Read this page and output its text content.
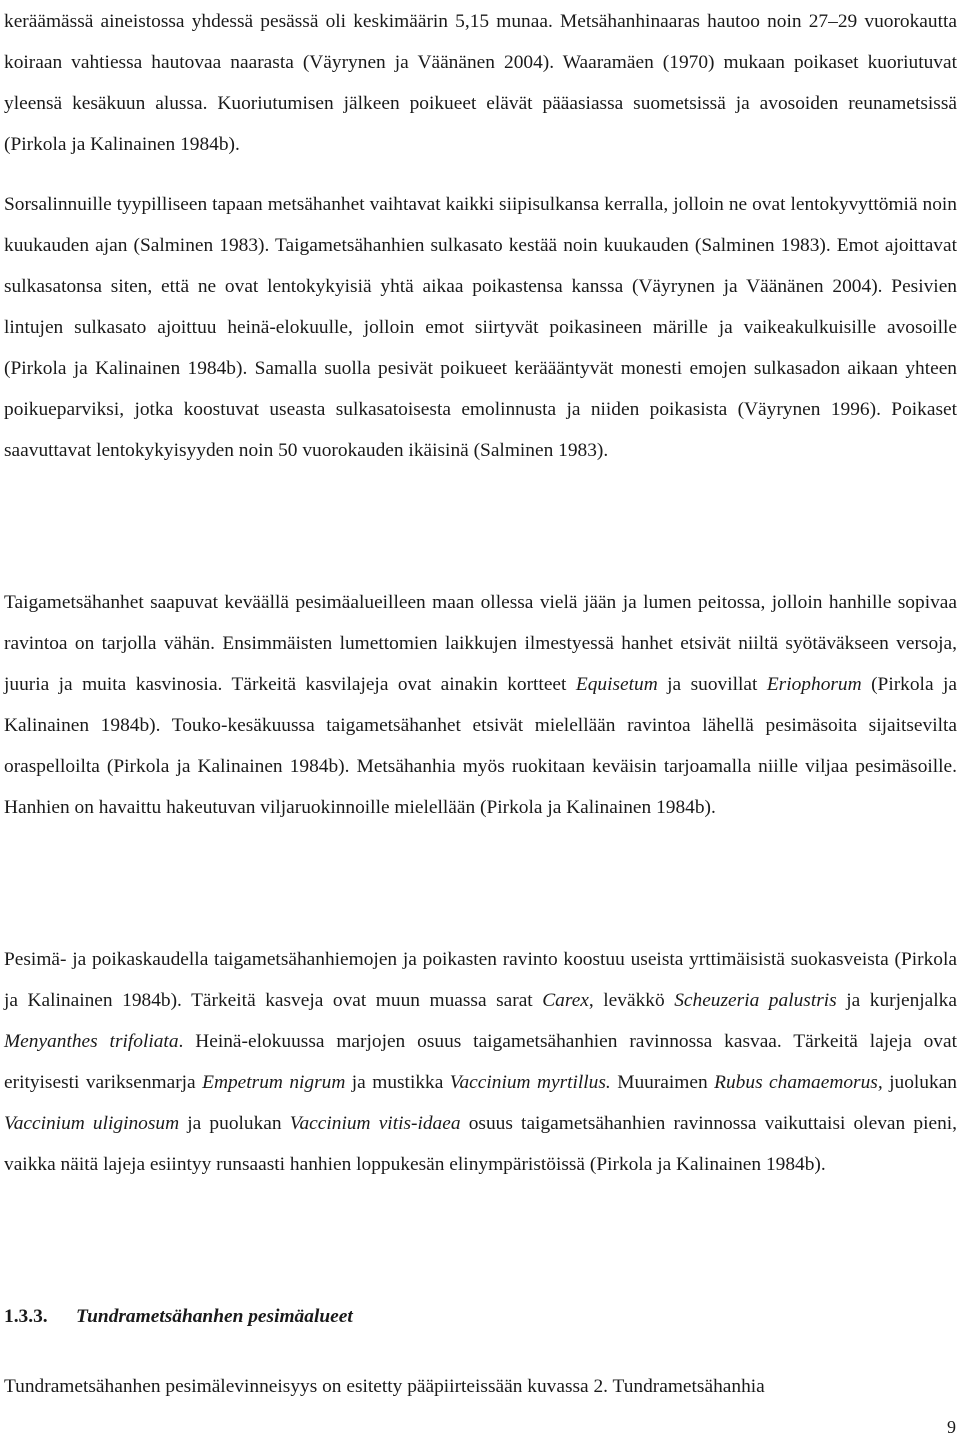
keräämässä aineistossa yhdessä pesässä oli keskimäärin 5,15 munaa. Metsähanhinaaras hautoo noin 27–29 vuorokautta koiraan vahtiessa hautovaa naarasta (Väyrynen ja Väänänen 2004). Waaramäen (1970) mukaan poikaset kuoriutuvat yleensä kesäkuun alussa. Kuoriutumisen jälkeen poikueet elävät pääasiassa suometsissä ja avosoiden reunametsissä (Pirkola ja Kalinainen 1984b).

Sorsalinnuille tyypilliseen tapaan metsähanhet vaihtavat kaikki siipisulkansa kerralla, jolloin ne ovat lentokyvyttömiä noin kuukauden ajan (Salminen 1983). Taigametsähanhien sulkasato kestää noin kuukauden (Salminen 1983). Emot ajoittavat sulkasatonsa siten, että ne ovat lentokykyisiä yhtä aikaa poikastensa kanssa (Väyrynen ja Väänänen 2004). Pesivien lintujen sulkasato ajoittuu heinä-elokuulle, jolloin emot siirtyvät poikasineen märille ja vaikeakulkuisille avosoille (Pirkola ja Kalinainen 1984b). Samalla suolla pesivät poikueet keräääntyvät monesti emojen sulkasadon aikaan yhteen poikueparviksi, jotka koostuvat useasta sulkasatoisesta emolinnusta ja niiden poikasista (Väyrynen 1996). Poikaset saavuttavat lentokykyisyyden noin 50 vuorokauden ikäisinä (Salminen 1983).

Taigametsähanhet saapuvat keväällä pesimäalueilleen maan ollessa vielä jään ja lumen peitossa, jolloin hanhille sopivaa ravintoa on tarjolla vähän. Ensimmäisten lumettomien laikkujen ilmestyessä hanhet etsivät niiltä syötäväkseen versoja, juuria ja muita kasvinosia. Tärkeitä kasvilajeja ovat ainakin kortteet Equisetum ja suovillat Eriophorum (Pirkola ja Kalinainen 1984b). Touko-kesäkuussa taigametsähanhet etsivät mielellään ravintoa lähellä pesimäsoita sijaitsevilta oraspelloilta (Pirkola ja Kalinainen 1984b). Metsähanhia myös ruokitaan keväisin tarjoamalla niille viljaa pesimäsoille. Hanhien on havaittu hakeutuvan viljaruokinnoille mielellään (Pirkola ja Kalinainen 1984b).

Pesimä- ja poikaskaudella taigametsähanhiemojen ja poikasten ravinto koostuu useista yrttimäisistä suokasveista (Pirkola ja Kalinainen 1984b). Tärkeitä kasveja ovat muun muassa sarat Carex, leväkkö Scheuzeria palustris ja kurjenjalka Menyanthes trifoliata. Heinä-elokuussa marjojen osuus taigametsähanhien ravinnossa kasvaa. Tärkeitä lajeja ovat erityisesti variksenmarja Empetrum nigrum ja mustikka Vaccinium myrtillus. Muuraimen Rubus chamaemorus, juolukan Vaccinium uliginosum ja puolukan Vaccinium vitis-idaea osuus taigametsähanhien ravinnossa vaikuttaisi olevan pieni, vaikka näitä lajeja esiintyy runsaasti hanhien loppukesän elinympäristöissä (Pirkola ja Kalinainen 1984b).

1.3.3. Tundrametsähanhen pesimäalueet

Tundrametsähanhen pesimälevinneisyys on esitetty pääpiirteissään kuvassa 2. Tundrametsähanhia

9
